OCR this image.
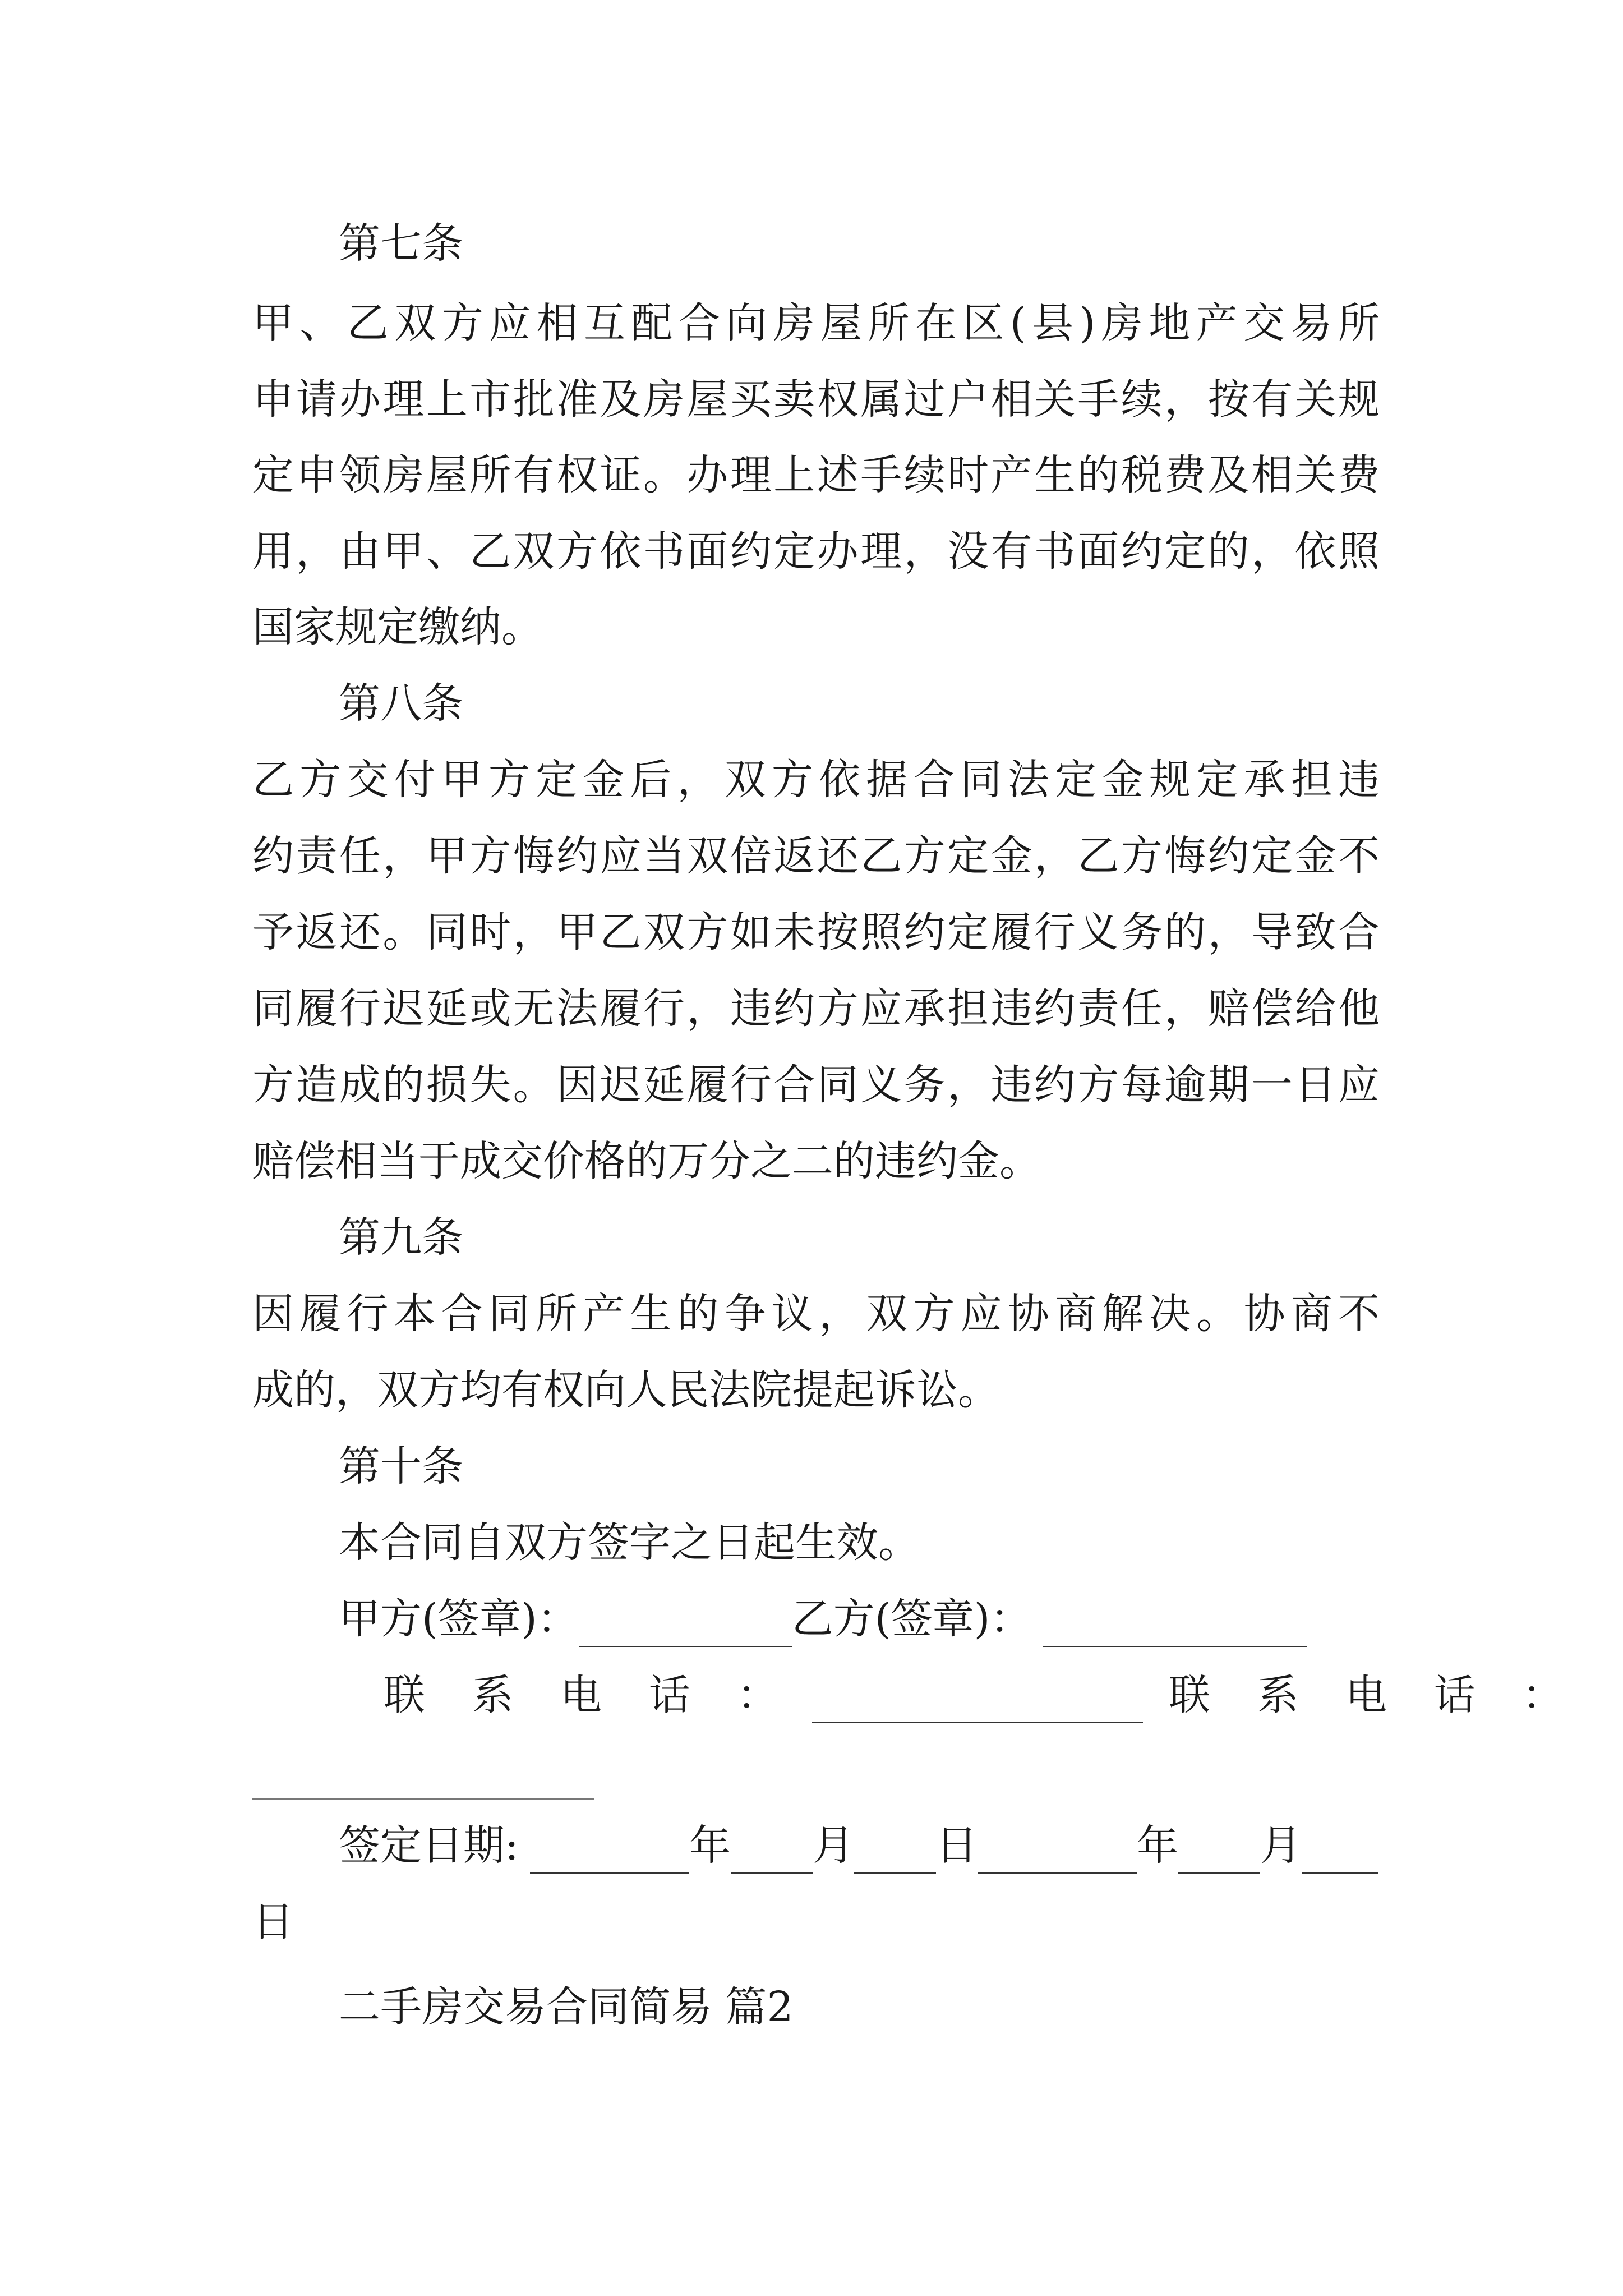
第七条
甲、乙双方应相互配合向房屋所在区(县)房地产交易所
申请办理上市批准及房屋买卖权属过户相关手续，按有关规
定申领房屋所有权证。办理上述手续时产生的税费及相关费
用，由甲、乙双方依书面约定办理，没有书面约定的，依照
国家规定缴纳。
第八条
乙方交付甲方定金后，双方依据合同法定金规定承担违
约责任，甲方悔约应当双倍返还乙方定金，乙方悔约定金不
予返还。同时，甲乙双方如未按照约定履行义务的，导致合
同履行迟延或无法履行，违约方应承担违约责任，赔偿给他
方造成的损失。因迟延履行合同义务，违约方每逾期一日应
赔偿相当于成交价格的万分之二的违约金。
第九条
因履行本合同所产生的争议，双方应协商解决。协商不
成的，双方均有权向人民法院提起诉讼。
第十条
本合同自双方签字之日起生效。
甲方(签章)：	乙方(签章)：
联 系 电 话 ：	联 系 电 话 ：
签定日期:	年 月 日	年 月
日
二手房交易合同简易 篇2
